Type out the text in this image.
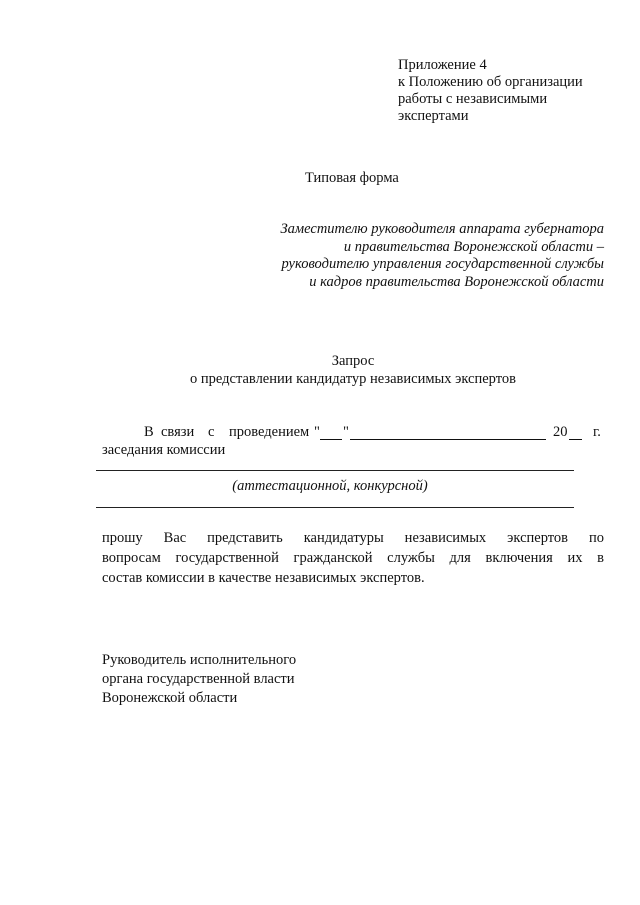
Приложение 4
к Положению об организации
работы с независимыми
экспертами
Типовая форма
Заместителю руководителя аппарата губернатора
и правительства Воронежской области –
руководителю управления государственной службы
и кадров правительства Воронежской области
Запрос
о представлении кандидатур независимых экспертов
В связи с проведением " "	20 г.
заседания комиссии
(аттестационной, конкурсной)
прошу Вас представить кандидатуры независимых экспертов по
вопросам государственной гражданской службы для включения их в
состав комиссии в качестве независимых экспертов.
Руководитель исполнительного
органа государственной власти
Воронежской области
